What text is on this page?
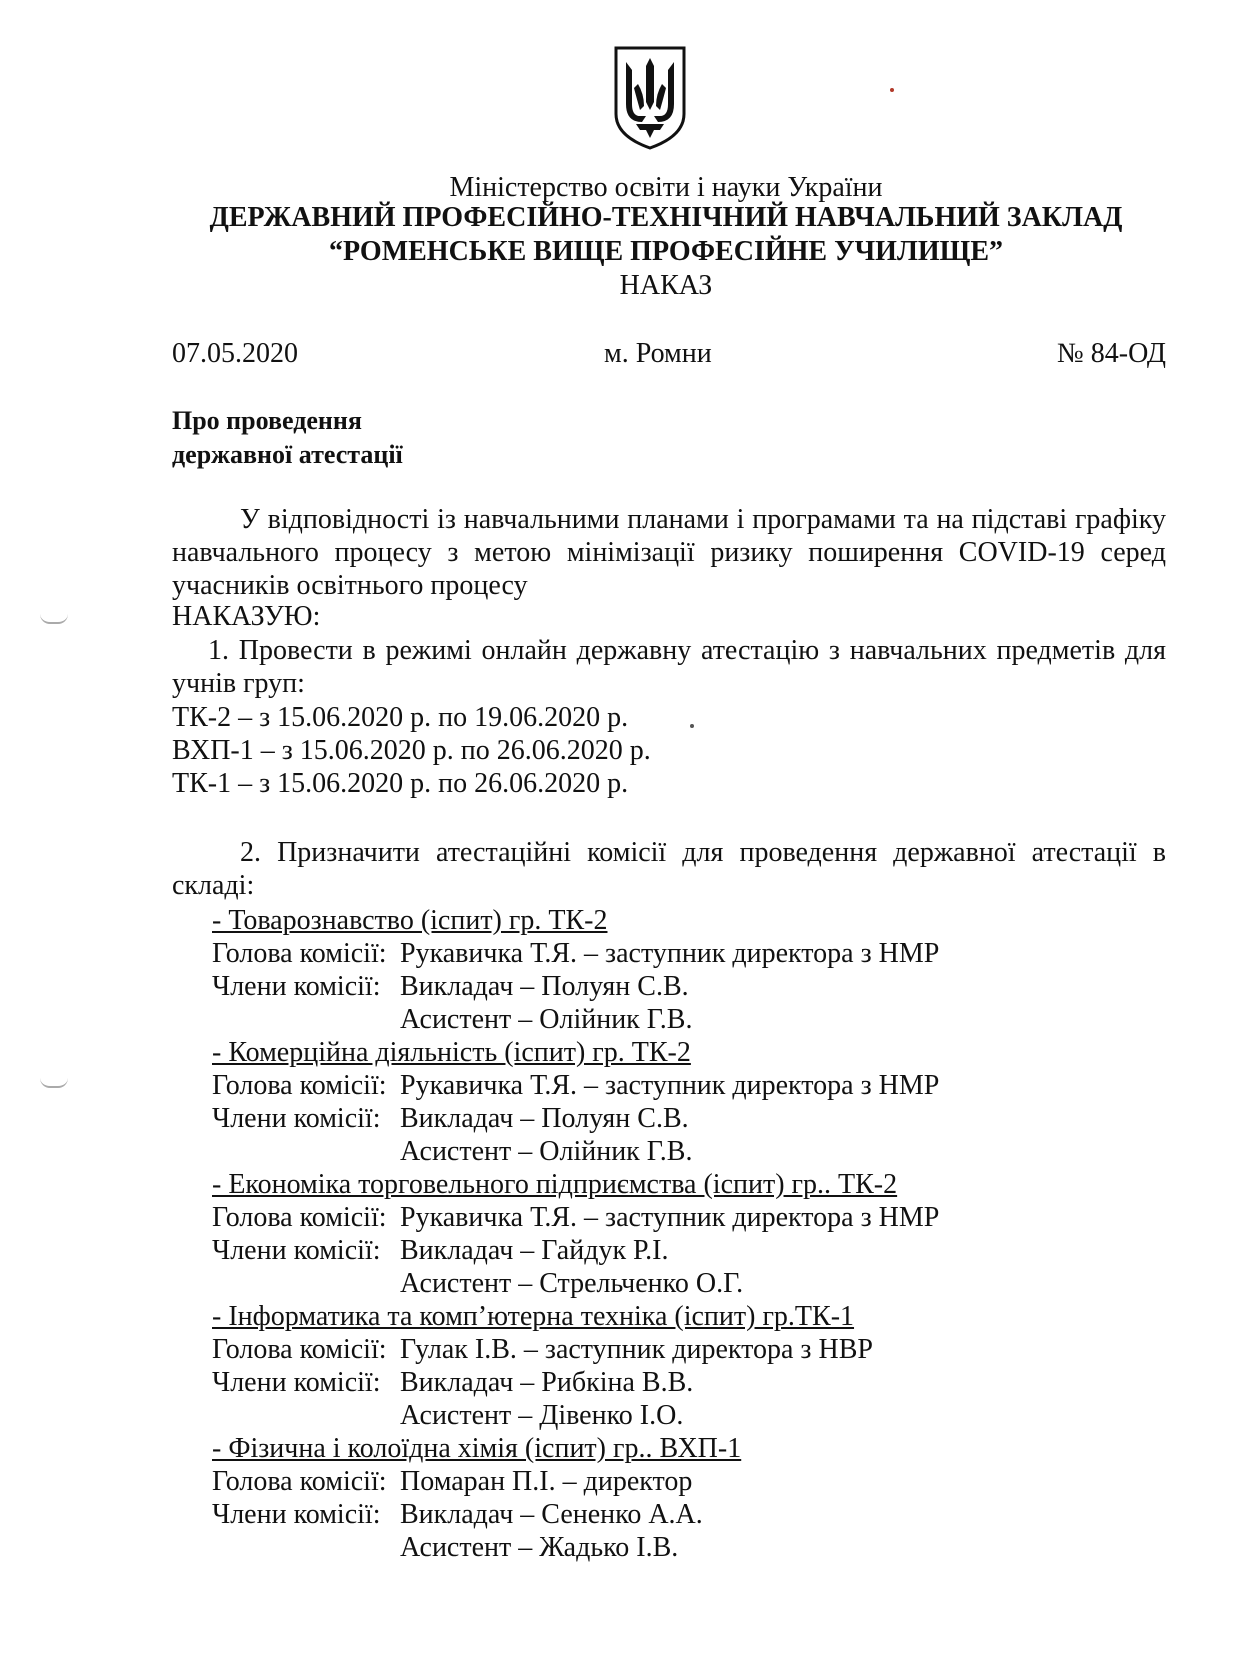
Міністерство освіти і науки України
ДЕРЖАВНИЙ ПРОФЕСІЙНО-ТЕХНІЧНИЙ НАВЧАЛЬНИЙ ЗАКЛАД
“РОМЕНСЬКЕ ВИЩЕ ПРОФЕСІЙНЕ УЧИЛИЩЕ”
НАКАЗ
07.05.2020	м. Ромни	№ 84-ОД
Про проведення
державної атестації
У відповідності із навчальними планами і програмами та на підставі графіку навчального процесу з метою мінімізації ризику поширення COVID-19 серед учасників освітнього процесу
НАКАЗУЮ:
1. Провести в режимі онлайн державну атестацію з навчальних предметів для учнів груп:
ТК-2 – з 15.06.2020 р. по 19.06.2020 р.
ВХП-1 – з 15.06.2020 р. по 26.06.2020 р.
ТК-1 – з 15.06.2020 р. по 26.06.2020 р.
2. Призначити атестаційні комісії для проведення державної атестації в складі:
- Товарознавство (іспит) гр. ТК-2
Голова комісії: Рукавичка Т.Я. – заступник директора з НМР
Члени комісії: Викладач – Полуян С.В.
Асистент – Олійник Г.В.
- Комерційна діяльність (іспит) гр. ТК-2
Голова комісії: Рукавичка Т.Я. – заступник директора з НМР
Члени комісії: Викладач – Полуян С.В.
Асистент – Олійник Г.В.
- Економіка торговельного підприємства (іспит) гр.. ТК-2
Голова комісії: Рукавичка Т.Я. – заступник директора з НМР
Члени комісії: Викладач – Гайдук Р.І.
Асистент – Стрельченко О.Г.
- Інформатика та комп’ютерна техніка (іспит) гр.ТК-1
Голова комісії: Гулак І.В. – заступник директора з НВР
Члени комісії: Викладач – Рибкіна В.В.
Асистент – Дівенко І.О.
- Фізична і колоїдна хімія (іспит) гр.. ВХП-1
Голова комісії: Помаран П.І. – директор
Члени комісії: Викладач – Сененко А.А.
Асистент – Жадько І.В.
